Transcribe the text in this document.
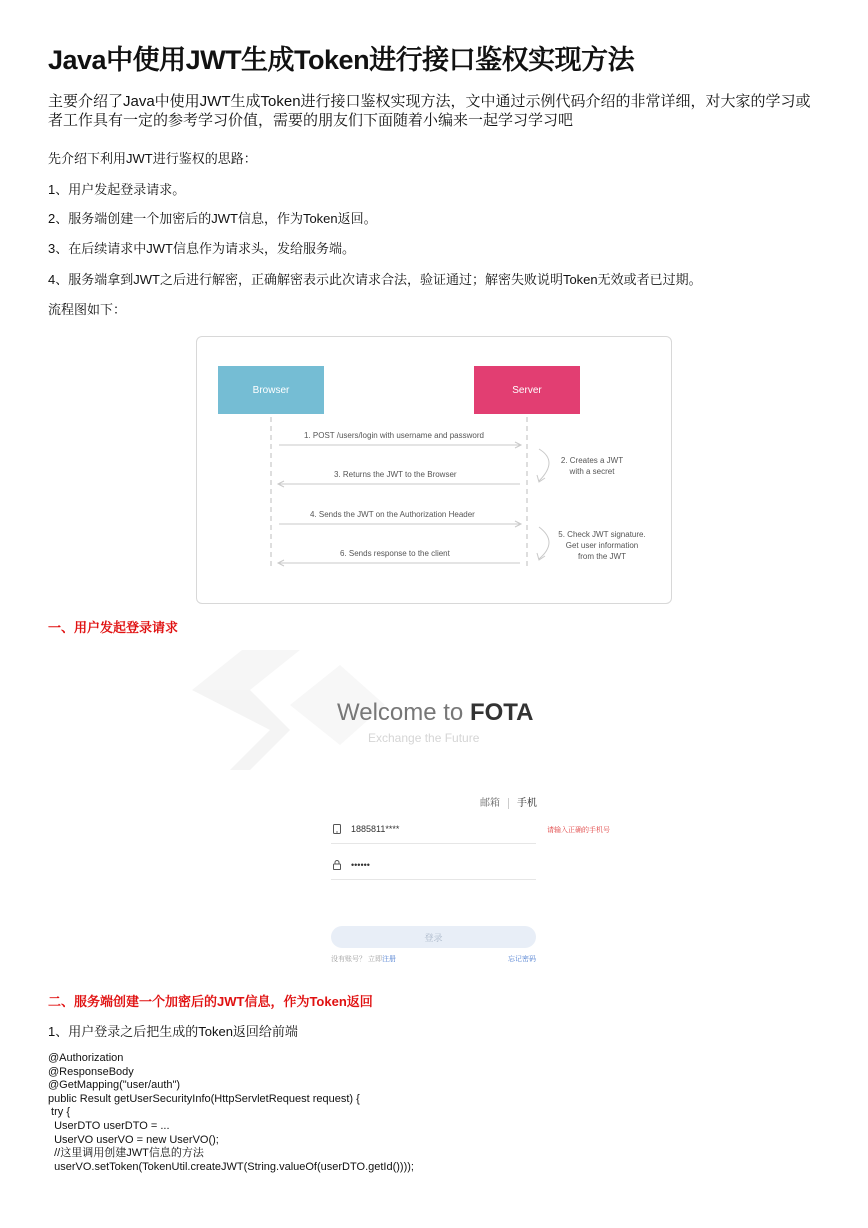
Java中使用JWT生成Token进行接口鉴权实现方法

主要介绍了Java中使用JWT生成Token进行接口鉴权实现方法，文中通过示例代码介绍的非常详细，对大家的学习或者工作具有一定的参考学习价值，需要的朋友们下面随着小编来一起学习学习吧

先介绍下利用JWT进行鉴权的思路：

1、用户发起登录请求。

2、服务端创建一个加密后的JWT信息，作为Token返回。

3、在后续请求中JWT信息作为请求头，发给服务端。

4、服务端拿到JWT之后进行解密，正确解密表示此次请求合法，验证通过；解密失败说明Token无效或者已过期。

流程图如下：

一、用户发起登录请求

二、服务端创建一个加密后的JWT信息，作为Token返回

1、用户登录之后把生成的Token返回给前端

@Authorization
@ResponseBody
@GetMapping("user/auth")
public Result getUserSecurityInfo(HttpServletRequest request) {
try {
UserDTO userDTO = ...
UserVO userVO = new UserVO();
//这里调用创建JWT信息的方法
userVO.setToken(TokenUtil.createJWT(String.valueOf(userDTO.getId())));
Browser	Server
1. POST /users/login with username and password
2. Creates a JWT
with a secret
3. Returns the JWT to the Browser
4. Sends the JWT on the Authorization Header
5. Check JWT signature.
Get user information
from the JWT
6. Sends response to the client
Welcome to FOTA
Exchange the Future
邮箱 手机
1885811****	请输入正确的手机号
••••••
登录
没有账号？ 立即注册	忘记密码
